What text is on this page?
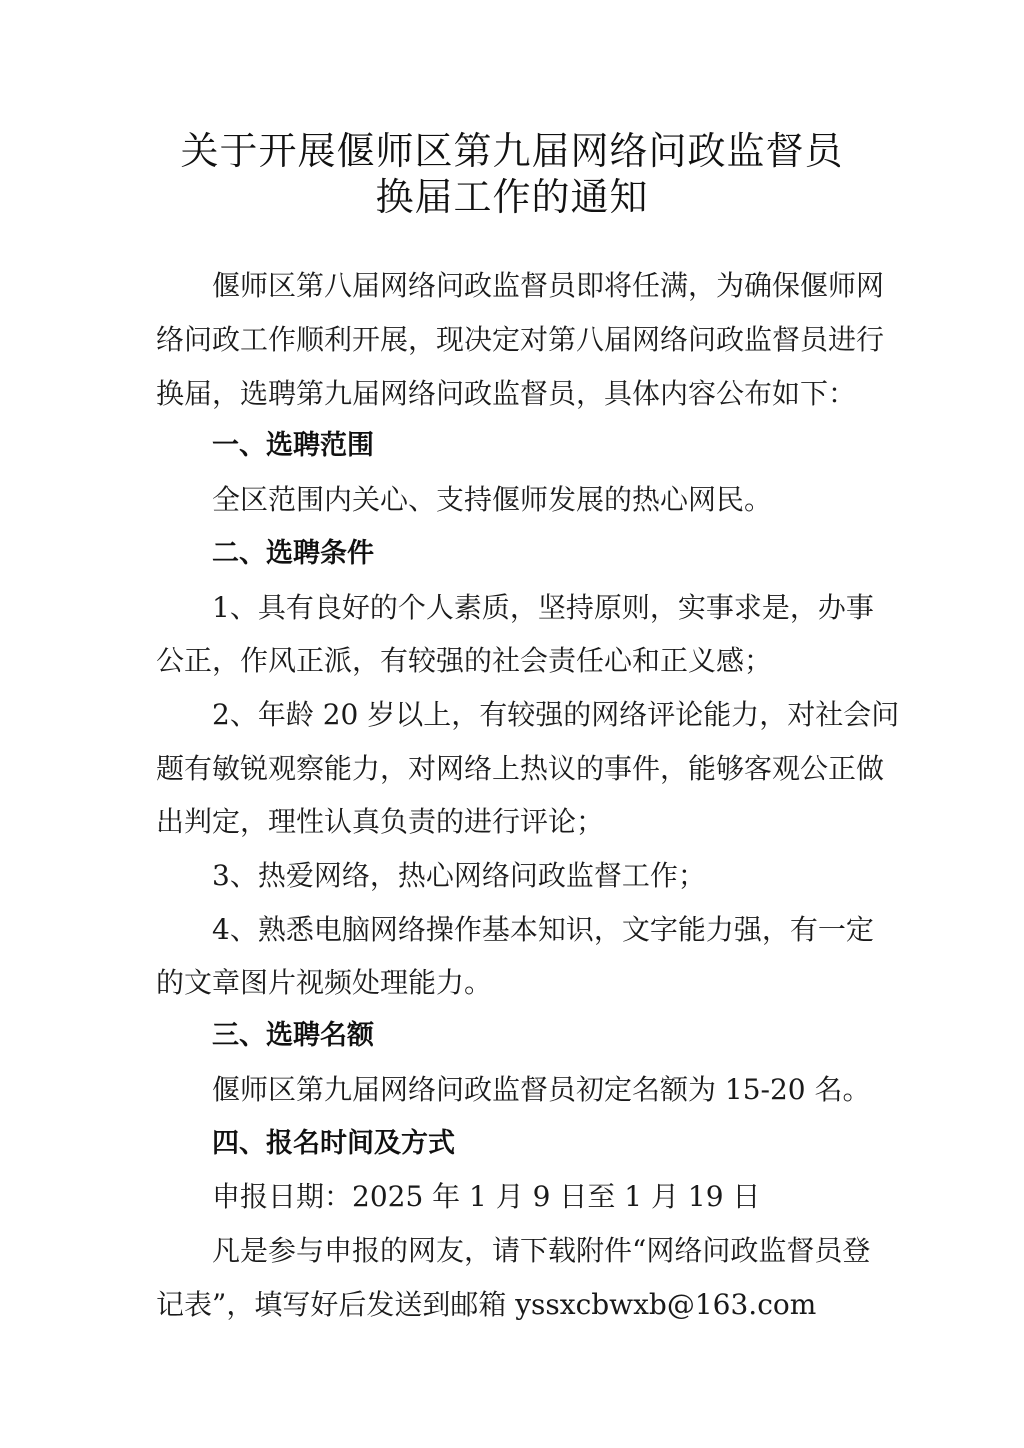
关于开展偃师区第九届网络问政监督员
换届工作的通知
偃师区第八届网络问政监督员即将任满，为确保偃师网
络问政工作顺利开展，现决定对第八届网络问政监督员进行
换届，选聘第九届网络问政监督员，具体内容公布如下：
一、选聘范围
全区范围内关心、支持偃师发展的热心网民。
二、选聘条件
1、具有良好的个人素质，坚持原则，实事求是，办事
公正，作风正派，有较强的社会责任心和正义感；
2、年龄 20 岁以上，有较强的网络评论能力，对社会问
题有敏锐观察能力，对网络上热议的事件，能够客观公正做
出判定，理性认真负责的进行评论；
3、热爱网络，热心网络问政监督工作；
4、熟悉电脑网络操作基本知识，文字能力强，有一定
的文章图片视频处理能力。
三、选聘名额
偃师区第九届网络问政监督员初定名额为 15-20 名。
四、报名时间及方式
申报日期：2025 年 1 月 9 日至 1 月 19 日
凡是参与申报的网友，请下载附件“网络问政监督员登
记表”，填写好后发送到邮箱 yssxcbwxb@163.com
